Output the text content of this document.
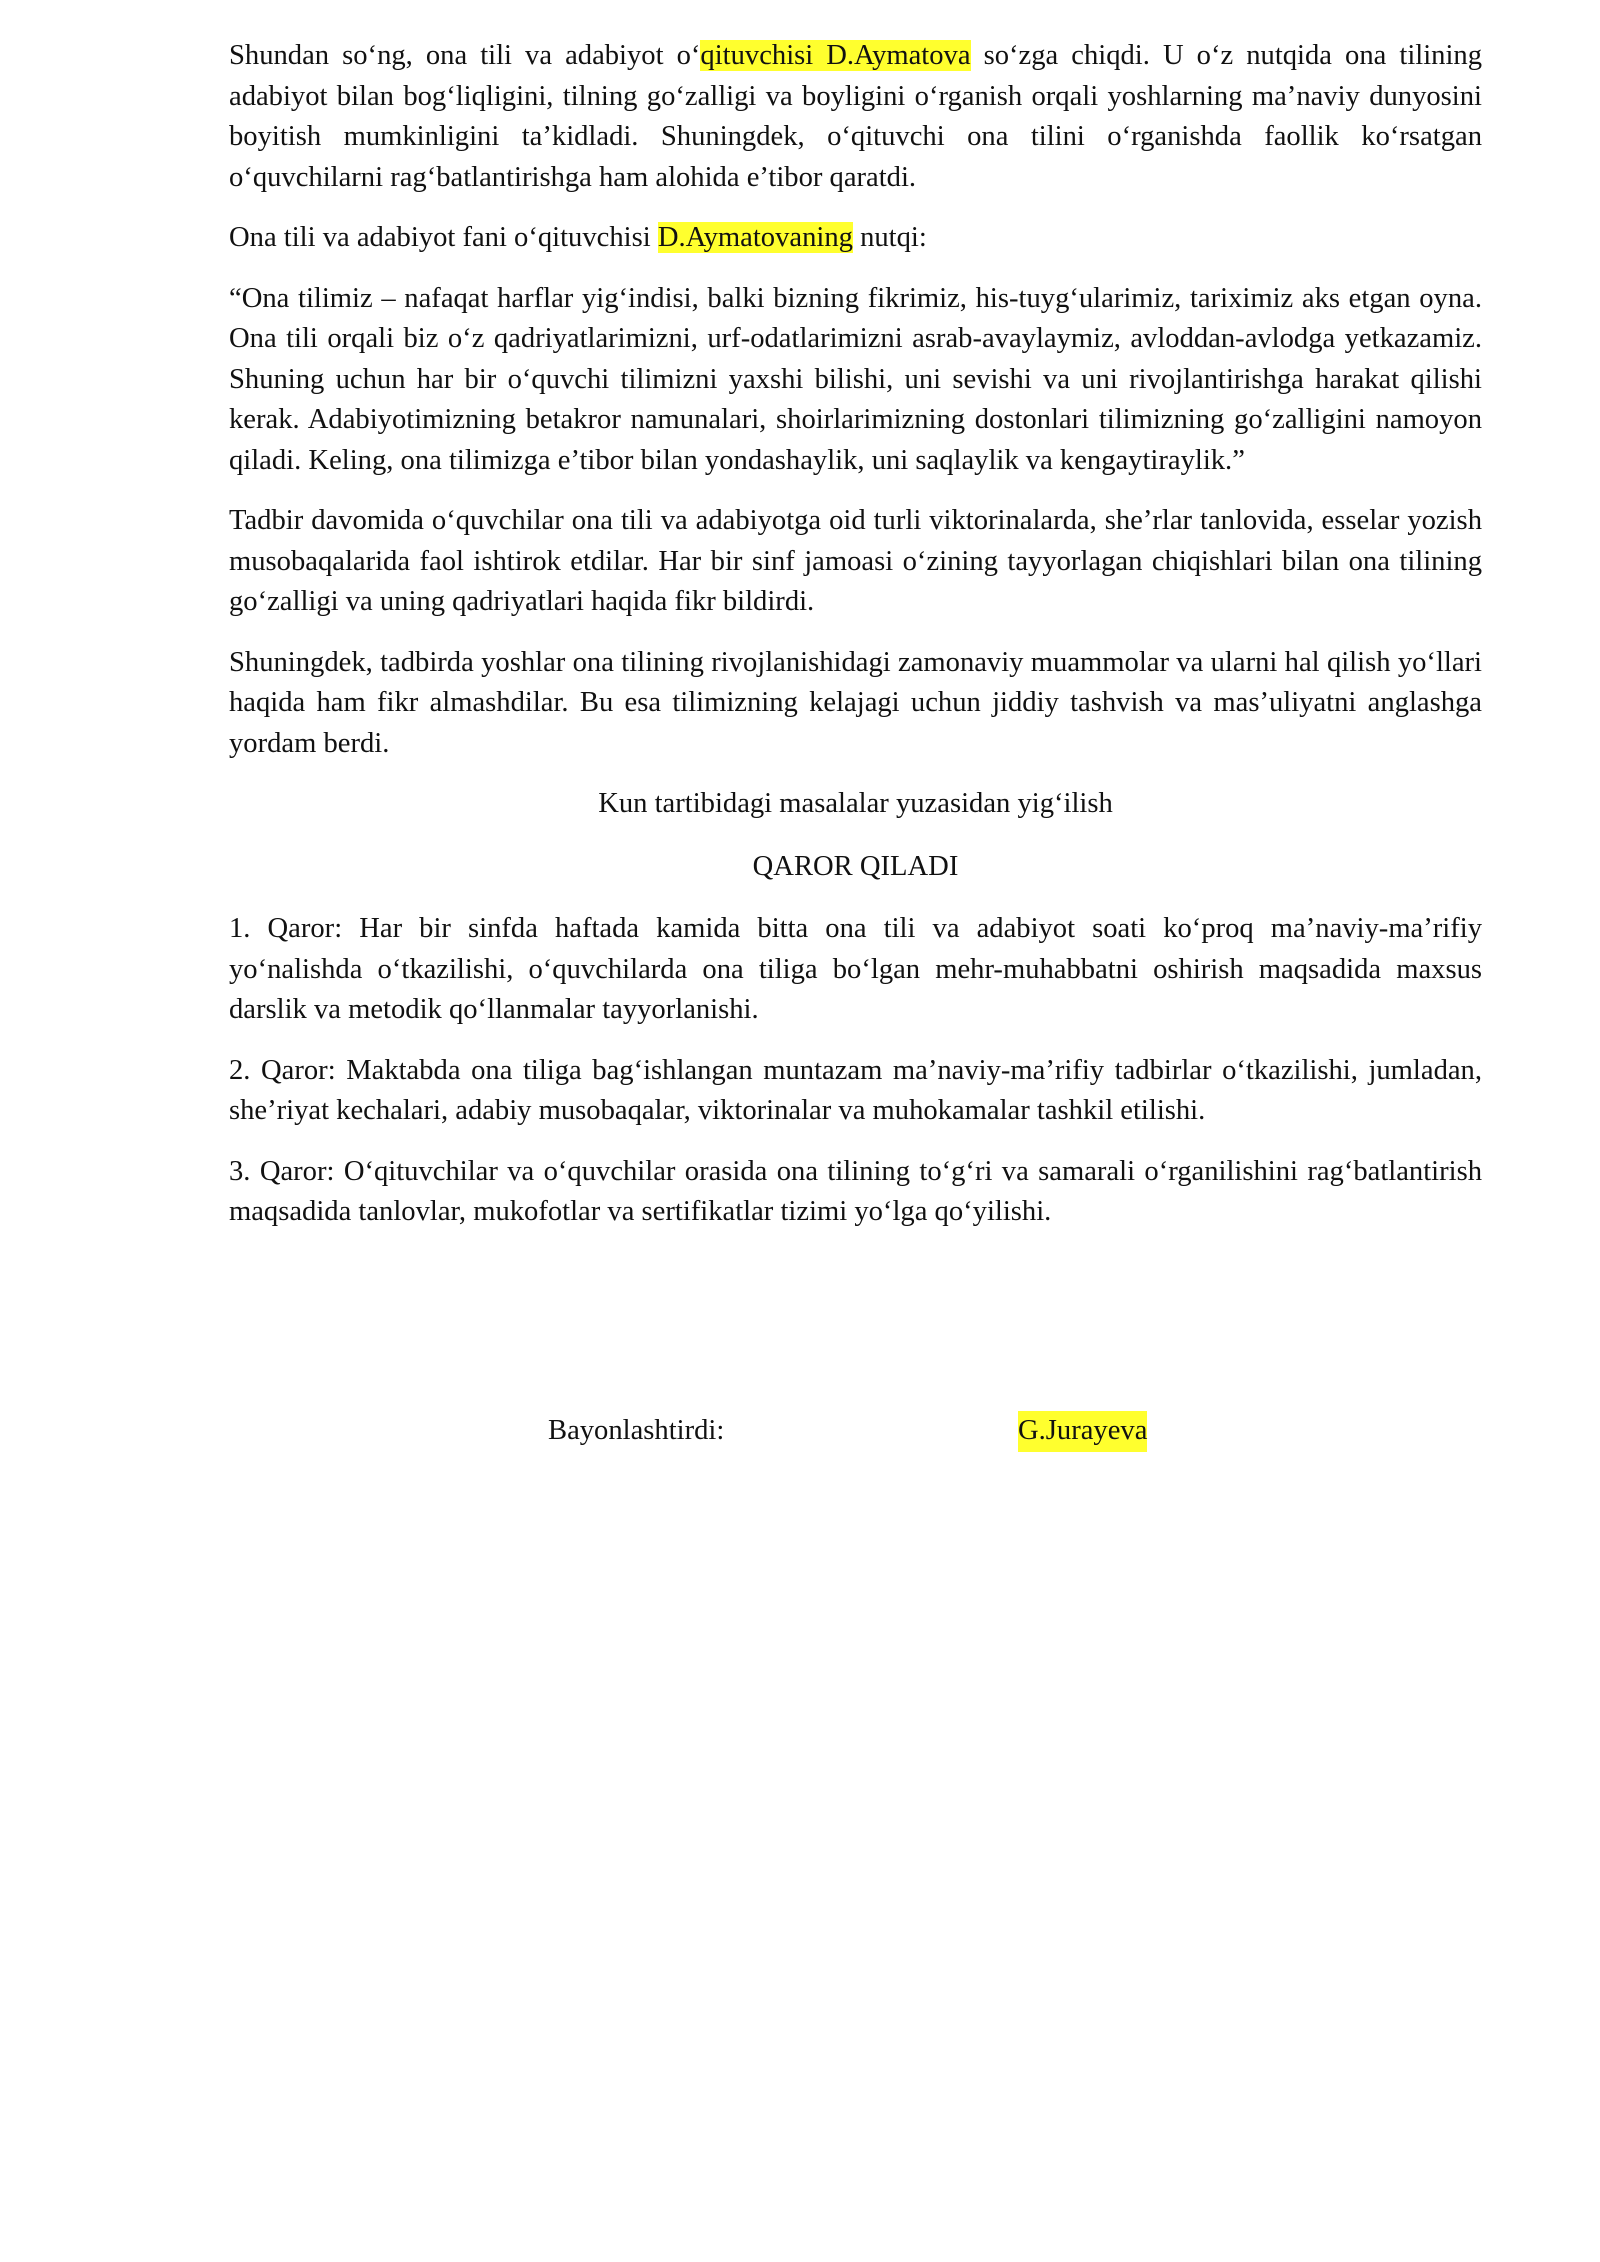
Shundan so‘ng, ona tili va adabiyot o‘qituvchisi D.Aymatova so‘zga chiqdi. U o‘z nutqida ona tilining adabiyot bilan bog‘liqligini, tilning go‘zalligi va boyligini o‘rganish orqali yoshlarning ma’naviy dunyosini boyitish mumkinligini ta’kidladi. Shuningdek, o‘qituvchi ona tilini o‘rganishda faollik ko‘rsatgan o‘quvchilarni rag‘batlantirishga ham alohida e’tibor qaratdi.

Ona tili va adabiyot fani o‘qituvchisi D.Aymatovaning nutqi:

“Ona tilimiz – nafaqat harflar yig‘indisi, balki bizning fikrimiz, his-tuyg‘ularimiz, tariximiz aks etgan oyna. Ona tili orqali biz o‘z qadriyatlarimizni, urf-odatlarimizni asrab-avaylaymiz, avloddan-avlodga yetkazamiz. Shuning uchun har bir o‘quvchi tilimizni yaxshi bilishi, uni sevishi va uni rivojlantirishga harakat qilishi kerak. Adabiyotimizning betakror namunalari, shoirlarimizning dostonlari tilimizning go‘zalligini namoyon qiladi. Keling, ona tilimizga e’tibor bilan yondashaylik, uni saqlaylik va kengaytiraylik.”

Tadbir davomida o‘quvchilar ona tili va adabiyotga oid turli viktorinalarda, she’rlar tanlovida, esselar yozish musobaqalarida faol ishtirok etdilar. Har bir sinf jamoasi o‘zining tayyorlagan chiqishlari bilan ona tilining go‘zalligi va uning qadriyatlari haqida fikr bildirdi.

Shuningdek, tadbirda yoshlar ona tilining rivojlanishidagi zamonaviy muammolar va ularni hal qilish yo‘llari haqida ham fikr almashdilar. Bu esa tilimizning kelajagi uchun jiddiy tashvish va mas’uliyatni anglashga yordam berdi.

Kun tartibidagi masalalar yuzasidan yig‘ilish

QAROR QILADI

1. Qaror: Har bir sinfda haftada kamida bitta ona tili va adabiyot soati ko‘proq ma’naviy-ma’rifiy yo‘nalishda o‘tkazilishi, o‘quvchilarda ona tiliga bo‘lgan mehr-muhabbatni oshirish maqsadida maxsus darslik va metodik qo‘llanmalar tayyorlanishi.

2. Qaror: Maktabda ona tiliga bag‘ishlangan muntazam ma’naviy-ma’rifiy tadbirlar o‘tkazilishi, jumladan, she’riyat kechalari, adabiy musobaqalar, viktorinalar va muhokamalar tashkil etilishi.

3. Qaror: O‘qituvchilar va o‘quvchilar orasida ona tilining to‘g‘ri va samarali o‘rganilishini rag‘batlantirish maqsadida tanlovlar, mukofotlar va sertifikatlar tizimi yo‘lga qo‘yilishi.

Bayonlashtirdi:	G.Jurayeva
